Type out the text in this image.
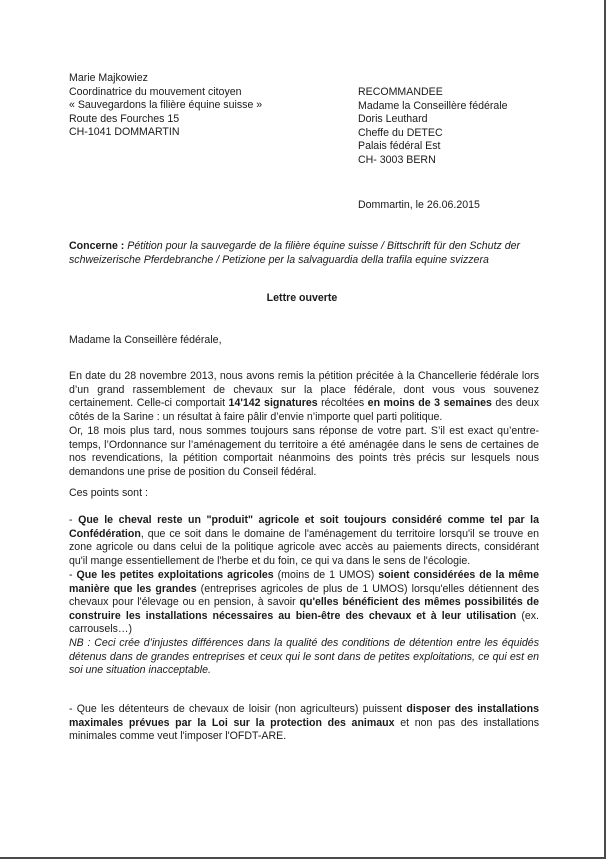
Marie Majkowiez
Coordinatrice du mouvement citoyen
« Sauvegardons la filière équine suisse »
Route des Fourches 15
CH-1041 DOMMARTIN
RECOMMANDEE
Madame la Conseillère fédérale
Doris Leuthard
Cheffe du DETEC
Palais fédéral Est
CH- 3003 BERN
Dommartin, le 26.06.2015
Concerne : Pétition pour la sauvegarde de la filière équine suisse / Bittschrift für den Schutz der schweizerische Pferdebranche / Petizione per la salvaguardia della trafila equine svizzera
Lettre ouverte
Madame la Conseillère fédérale,

En date du 28 novembre 2013, nous avons remis la pétition précitée à la Chancellerie fédérale lors d’un grand rassemblement de chevaux sur la place fédérale, dont vous vous souvenez certainement. Celle-ci comportait 14'142 signatures récoltées en moins de 3 semaines des deux côtés de la Sarine : un résultat à faire pâlir d’envie n’importe quel parti politique.

Or, 18 mois plus tard, nous sommes toujours sans réponse de votre part. S’il est exact qu’entre-temps, l’Ordonnance sur l’aménagement du territoire a été aménagée dans le sens de certaines de nos revendications, la pétition comportait néanmoins des points très précis sur lesquels nous demandons une prise de position du Conseil fédéral.

Ces points sont :

- Que le cheval reste un "produit" agricole et soit toujours considéré comme tel par la Confédération, que ce soit dans le domaine de l'aménagement du territoire lorsqu'il se trouve en zone agricole ou dans celui de la politique agricole avec accès au paiements directs, considérant qu'il mange essentiellement de l'herbe et du foin, ce qui va dans le sens de l'écologie.

- Que les petites exploitations agricoles (moins de 1 UMOS) soient considérées de la même manière que les grandes (entreprises agricoles de plus de 1 UMOS) lorsqu'elles détiennent des chevaux pour l'élevage ou en pension, à savoir qu'elles bénéficient des mêmes possibilités de construire les installations nécessaires au bien-être des chevaux et à leur utilisation (ex. carrousels…)

NB : Ceci crée d’injustes différences dans la qualité des conditions de détention entre les équidés détenus dans de grandes entreprises et ceux qui le sont dans de petites exploitations, ce qui est en soi une situation inacceptable.

- Que les détenteurs de chevaux de loisir (non agriculteurs) puissent disposer des installations maximales prévues par la Loi sur la protection des animaux et non pas des installations minimales comme veut l'imposer l'OFDT-ARE.
